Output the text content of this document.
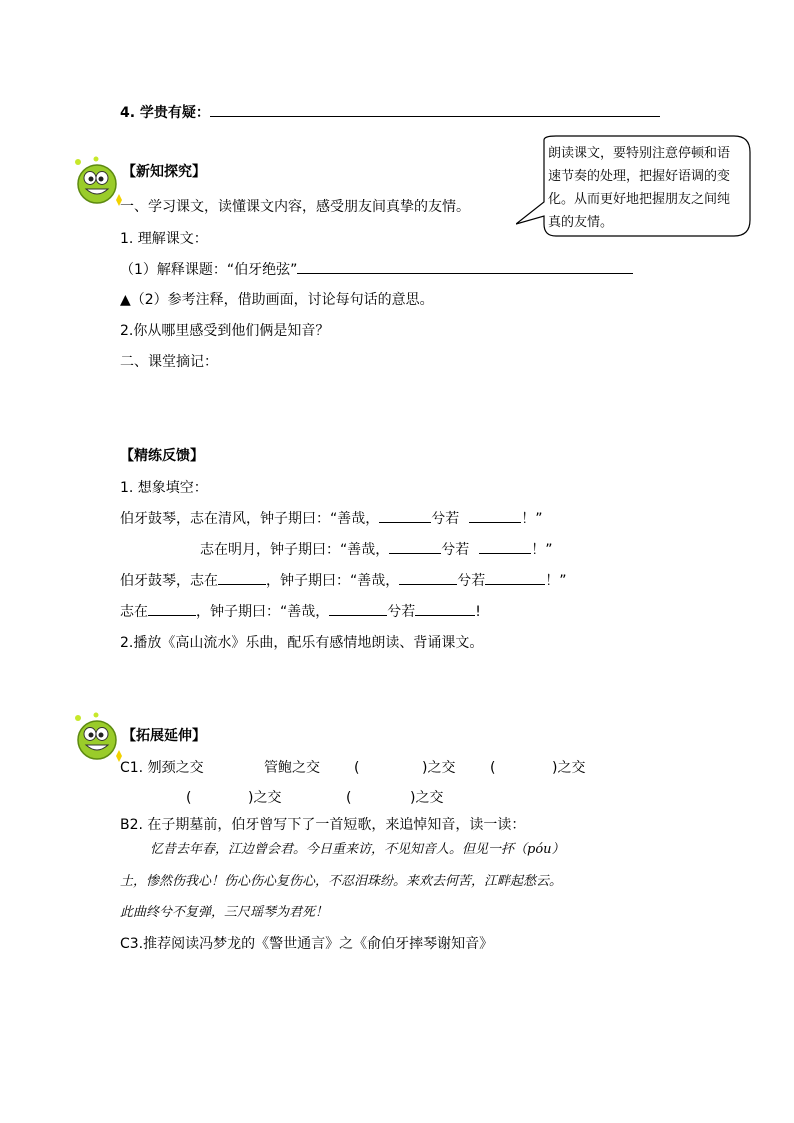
4. 学贵有疑：
朗读课文，要特别注意停顿和语速节奏的处理，把握好语调的变化。从而更好地把握朋友之间纯真的友情。
【新知探究】
一、学习课文，读懂课文内容，感受朋友间真挚的友情。
1. 理解课文：
（1）解释课题：“伯牙绝弦”
▲（2）参考注释，借助画面，讨论每句话的意思。
2.你从哪里感受到他们俩是知音？
二、课堂摘记：
【精练反馈】
1. 想象填空：
伯牙鼓琴，志在清风，钟子期曰：“善哉，	兮若	！”
志在明月，钟子期曰：“善哉，	兮若	！”
伯牙鼓琴，志在	，钟子期曰：“善哉，	兮若	！”
志在	，钟子期曰：“善哉，	兮若	!
2.播放《高山流水》乐曲，配乐有感情地朗读、背诵课文。
【拓展延伸】
C1. 刎颈之交	管鲍之交 (	)之交 (	)之交
(	)之交	(	)之交
B2. 在子期墓前，伯牙曾写下了一首短歌，来追悼知音，读一读：
忆昔去年春，江边曾会君。今日重来访，不见知音人。但见一抔（póu）
土，惨然伤我心！伤心伤心复伤心，不忍泪珠纷。来欢去何苦，江畔起愁云。
此曲终兮不复弹，三尺瑶琴为君死！
C3.推荐阅读冯梦龙的《警世通言》之《俞伯牙摔琴谢知音》
